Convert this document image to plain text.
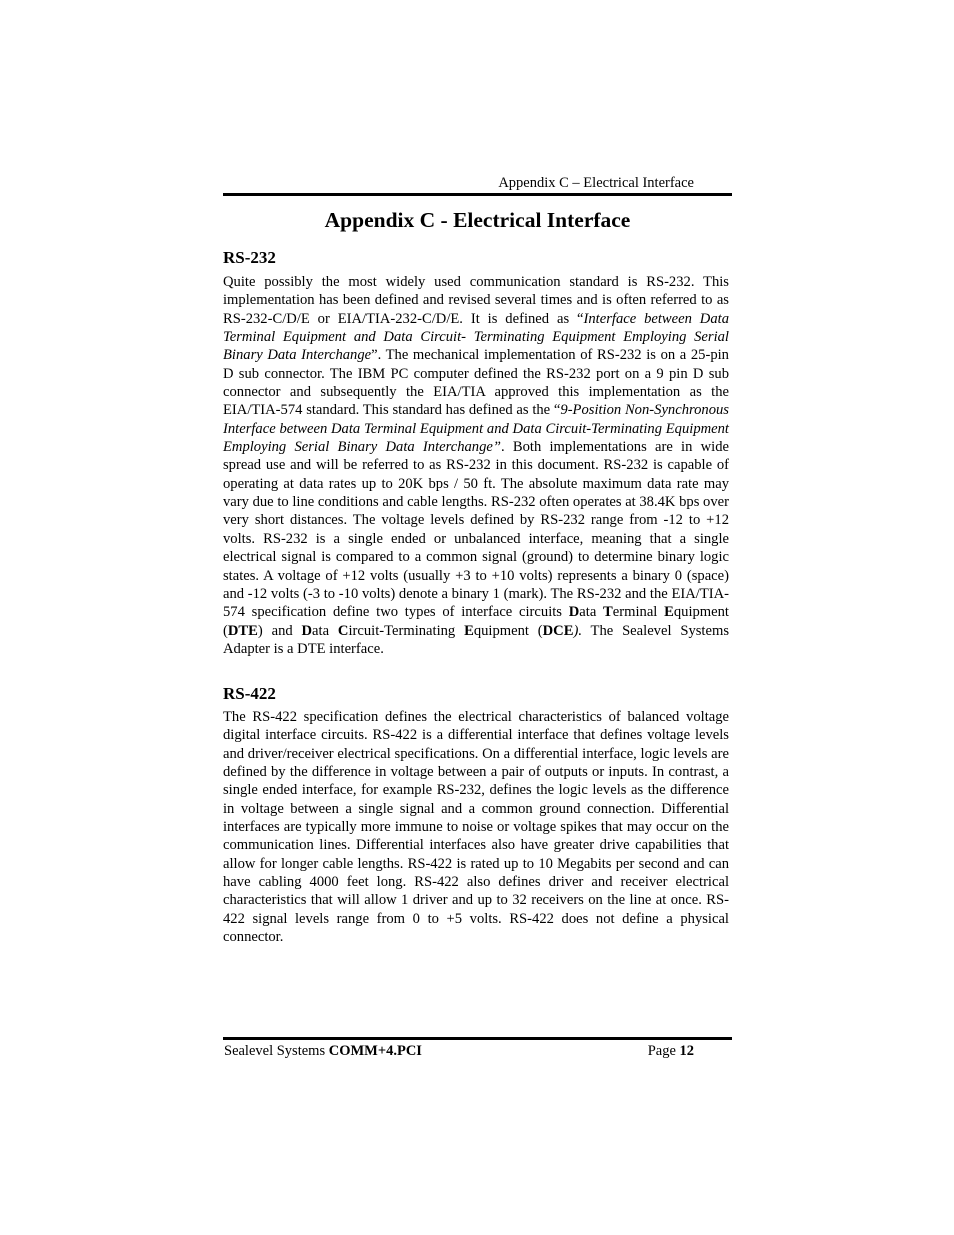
Appendix C – Electrical Interface
Appendix C - Electrical Interface
RS-232

Quite possibly the most widely used communication standard is RS-232. This implementation has been defined and revised several times and is often referred to as RS-232-C/D/E or EIA/TIA-232-C/D/E. It is defined as “Interface between Data Terminal Equipment and Data Circuit- Terminating Equipment Employing Serial Binary Data Interchange”. The mechanical implementation of RS-232 is on a 25-pin D sub connector. The IBM PC computer defined the RS-232 port on a 9 pin D sub connector and subsequently the EIA/TIA approved this implementation as the EIA/TIA-574 standard. This standard has defined as the “9-Position Non-Synchronous Interface between Data Terminal Equipment and Data Circuit-Terminating Equipment Employing Serial Binary Data Interchange”. Both implementations are in wide spread use and will be referred to as RS-232 in this document. RS-232 is capable of operating at data rates up to 20K bps / 50 ft. The absolute maximum data rate may vary due to line conditions and cable lengths. RS-232 often operates at 38.4K bps over very short distances. The voltage levels defined by RS-232 range from -12 to +12 volts. RS-232 is a single ended or unbalanced interface, meaning that a single electrical signal is compared to a common signal (ground) to determine binary logic states. A voltage of +12 volts (usually +3 to +10 volts) represents a binary 0 (space) and -12 volts (-3 to -10 volts) denote a binary 1 (mark). The RS-232 and the EIA/TIA-574 specification define two types of interface circuits Data Terminal Equipment (DTE) and Data Circuit-Terminating Equipment (DCE). The Sealevel Systems Adapter is a DTE interface.

RS-422

The RS-422 specification defines the electrical characteristics of balanced voltage digital interface circuits. RS-422 is a differential interface that defines voltage levels and driver/receiver electrical specifications. On a differential interface, logic levels are defined by the difference in voltage between a pair of outputs or inputs. In contrast, a single ended interface, for example RS-232, defines the logic levels as the difference in voltage between a single signal and a common ground connection. Differential interfaces are typically more immune to noise or voltage spikes that may occur on the communication lines. Differential interfaces also have greater drive capabilities that allow for longer cable lengths. RS-422 is rated up to 10 Megabits per second and can have cabling 4000 feet long. RS-422 also defines driver and receiver electrical characteristics that will allow 1 driver and up to 32 receivers on the line at once. RS-422 signal levels range from 0 to +5 volts. RS-422 does not define a physical connector.

Sealevel Systems COMM+4.PCI	Page 12
